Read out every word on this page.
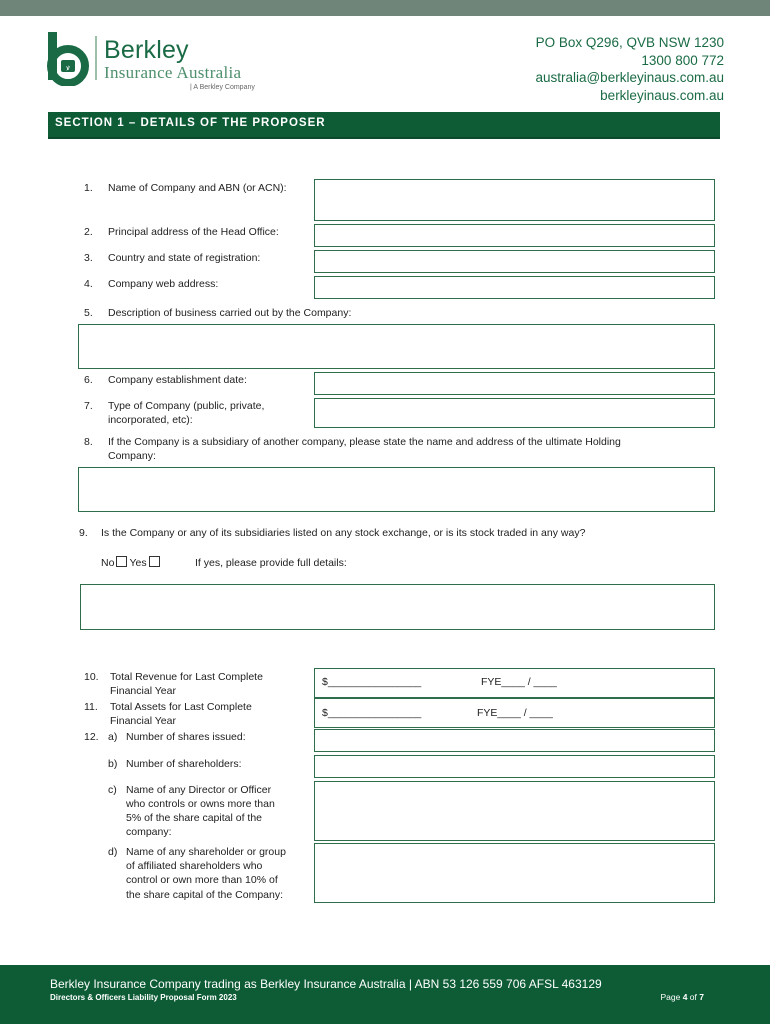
ꝟ
Berkley
Insurance Australia
| A Berkley Company
PO Box Q296, QVB NSW 1230
1300 800 772
australia@berkleyinaus.com.au
berkleyinaus.com.au
SECTION 1 – DETAILS OF THE PROPOSER
1. Name of Company and ABN (or ACN):
2. Principal address of the Head Office:
3. Country and state of registration:
4. Company web address:
5. Description of business carried out by the Company:
6. Company establishment date:
7. Type of Company (public, private,
incorporated, etc):
8. If the Company is a subsidiary of another company, please state the name and address of the ultimate Holding
Company:
9. Is the Company or any of its subsidiaries listed on any stock exchange, or is its stock traded in any way?
No Yes	If yes, please provide full details:
10. Total Revenue for Last Complete
Financial Year
$________________	FYE____ / ____
11. Total Assets for Last Complete
Financial Year
$________________	FYE____ / ____
12. a) Number of shares issued:
b) Number of shareholders:
c) Name of any Director or Officer
who controls or owns more than
5% of the share capital of the
company:
d) Name of any shareholder or group
of affiliated shareholders who
control or own more than 10% of
the share capital of the Company:
Berkley Insurance Company trading as Berkley Insurance Australia | ABN 53 126 559 706 AFSL 463129
Directors & Officers Liability Proposal Form 2023	Page 4 of 7
